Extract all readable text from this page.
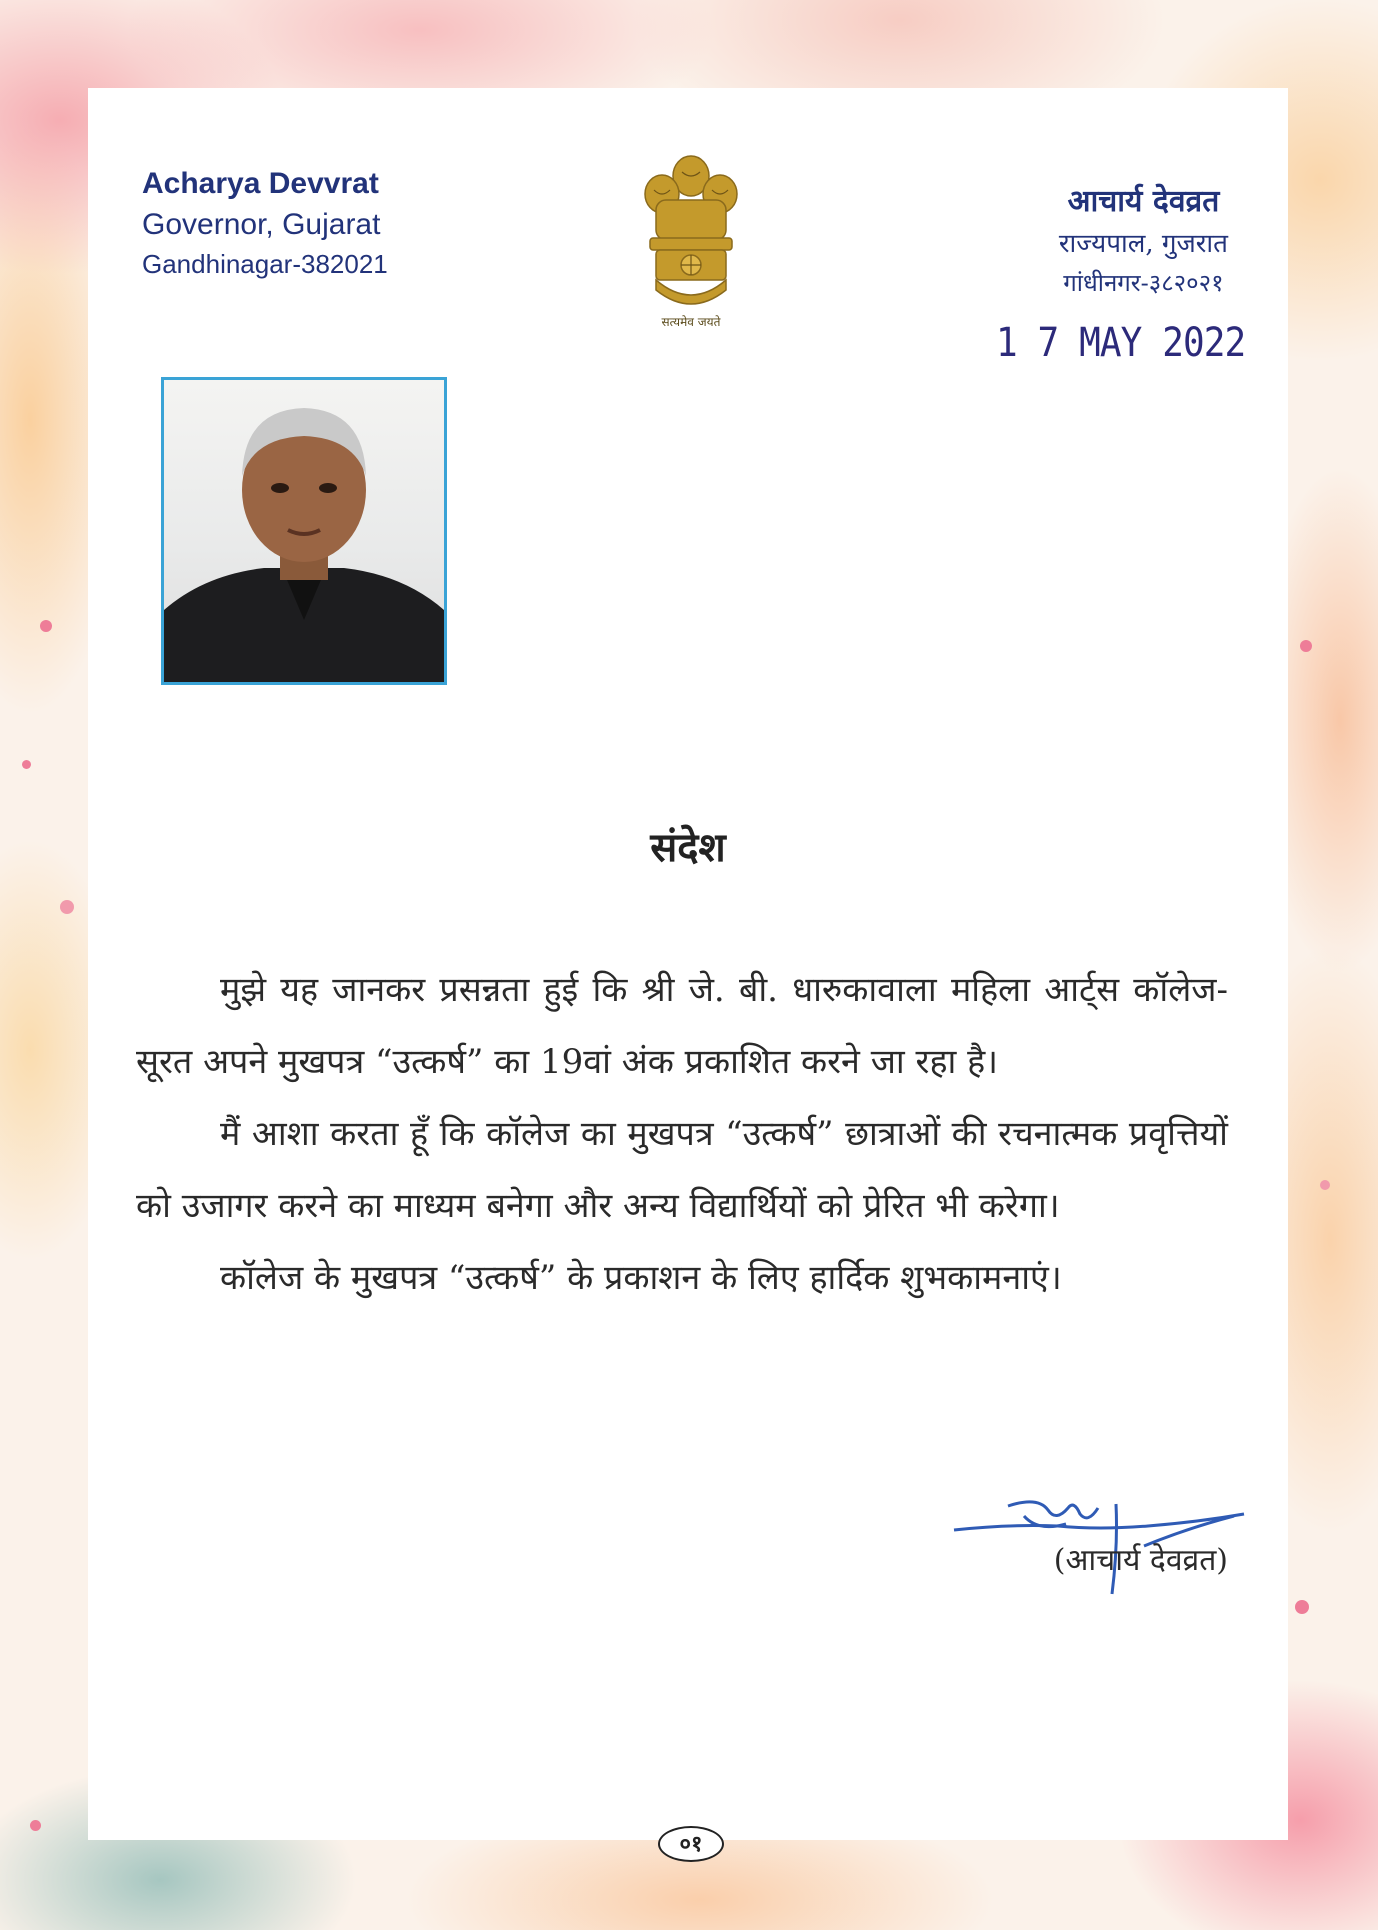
Acharya Devvrat
Governor, Gujarat
Gandhinagar-382021
सत्यमेव जयते
आचार्य देवव्रत
राज्यपाल, गुजरात
गांधीनगर-३८२०२१
1 7 MAY 2022
संदेश

मुझे यह जानकर प्रसन्नता हुई कि श्री जे. बी. धारुकावाला महिला आर्ट्स कॉलेज-सूरत अपने मुखपत्र “उत्कर्ष” का 19वां अंक प्रकाशित करने जा रहा है।

मैं आशा करता हूँ कि कॉलेज का मुखपत्र “उत्कर्ष” छात्राओं की रचनात्मक प्रवृत्तियों को उजागर करने का माध्यम बनेगा और अन्य विद्यार्थियों को प्रेरित भी करेगा।

कॉलेज के मुखपत्र “उत्कर्ष” के प्रकाशन के लिए हार्दिक शुभकामनाएं।

(आचार्य देवव्रत)
०१
